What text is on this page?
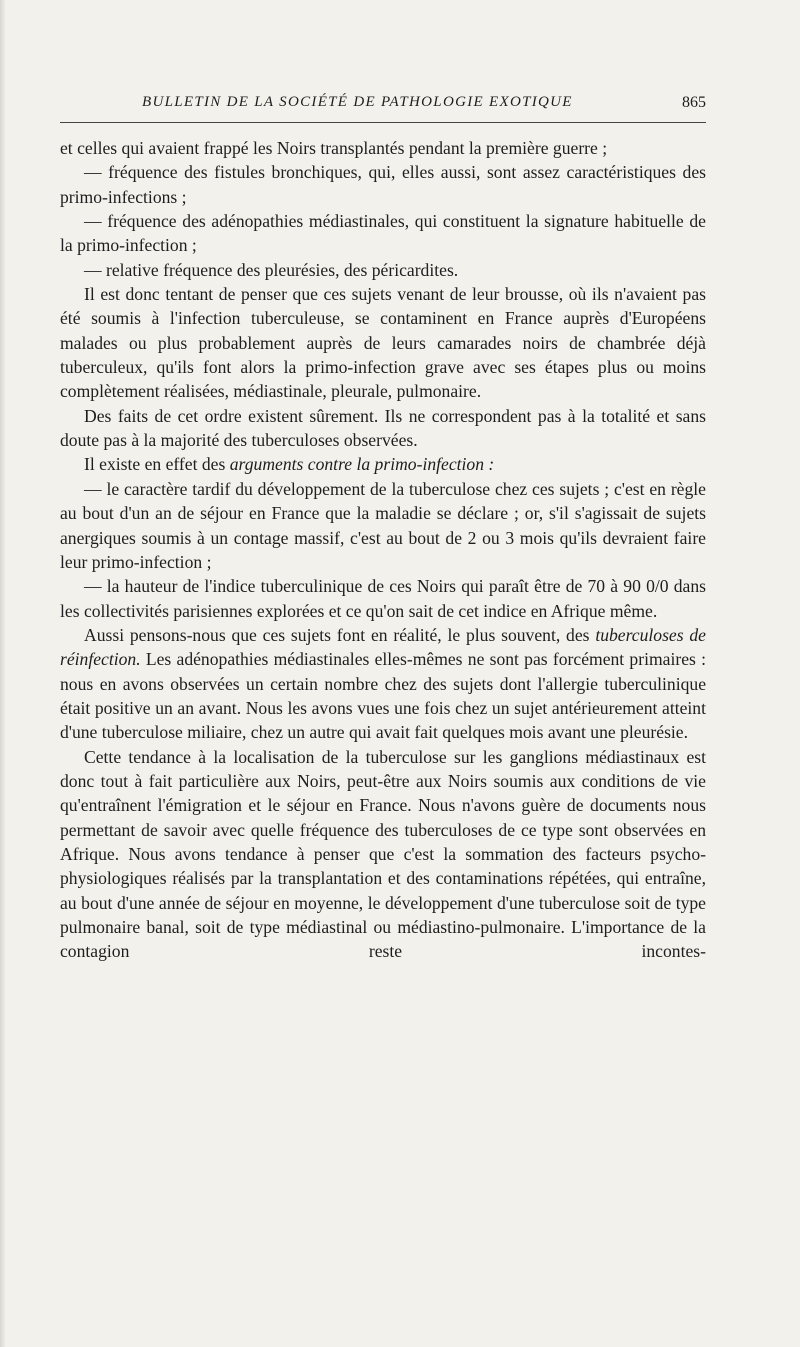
BULLETIN DE LA SOCIÉTÉ DE PATHOLOGIE EXOTIQUE	865

et celles qui avaient frappé les Noirs transplantés pendant la première guerre ;

— fréquence des fistules bronchiques, qui, elles aussi, sont assez caractéristiques des primo-infections ;

— fréquence des adénopathies médiastinales, qui constituent la signature habituelle de la primo-infection ;

— relative fréquence des pleurésies, des péricardites.

Il est donc tentant de penser que ces sujets venant de leur brousse, où ils n'avaient pas été soumis à l'infection tuberculeuse, se contaminent en France auprès d'Européens malades ou plus probablement auprès de leurs camarades noirs de chambrée déjà tuberculeux, qu'ils font alors la primo-infection grave avec ses étapes plus ou moins complètement réalisées, médiastinale, pleurale, pulmonaire.

Des faits de cet ordre existent sûrement. Ils ne correspondent pas à la totalité et sans doute pas à la majorité des tuberculoses observées.

Il existe en effet des arguments contre la primo-infection :

— le caractère tardif du développement de la tuberculose chez ces sujets ; c'est en règle au bout d'un an de séjour en France que la maladie se déclare ; or, s'il s'agissait de sujets anergiques soumis à un contage massif, c'est au bout de 2 ou 3 mois qu'ils devraient faire leur primo-infection ;

— la hauteur de l'indice tuberculinique de ces Noirs qui paraît être de 70 à 90 0/0 dans les collectivités parisiennes explorées et ce qu'on sait de cet indice en Afrique même.

Aussi pensons-nous que ces sujets font en réalité, le plus souvent, des tuberculoses de réinfection. Les adénopathies médiastinales elles-mêmes ne sont pas forcément primaires : nous en avons observées un certain nombre chez des sujets dont l'allergie tuberculinique était positive un an avant. Nous les avons vues une fois chez un sujet antérieurement atteint d'une tuberculose miliaire, chez un autre qui avait fait quelques mois avant une pleurésie.

Cette tendance à la localisation de la tuberculose sur les ganglions médiastinaux est donc tout à fait particulière aux Noirs, peut-être aux Noirs soumis aux conditions de vie qu'entraînent l'émigration et le séjour en France. Nous n'avons guère de documents nous permettant de savoir avec quelle fréquence des tuberculoses de ce type sont observées en Afrique. Nous avons tendance à penser que c'est la sommation des facteurs psycho-physiologiques réalisés par la transplantation et des contaminations répétées, qui entraîne, au bout d'une année de séjour en moyenne, le développement d'une tuberculose soit de type pulmonaire banal, soit de type médiastinal ou médiastino-pulmonaire. L'importance de la contagion reste incontes-
